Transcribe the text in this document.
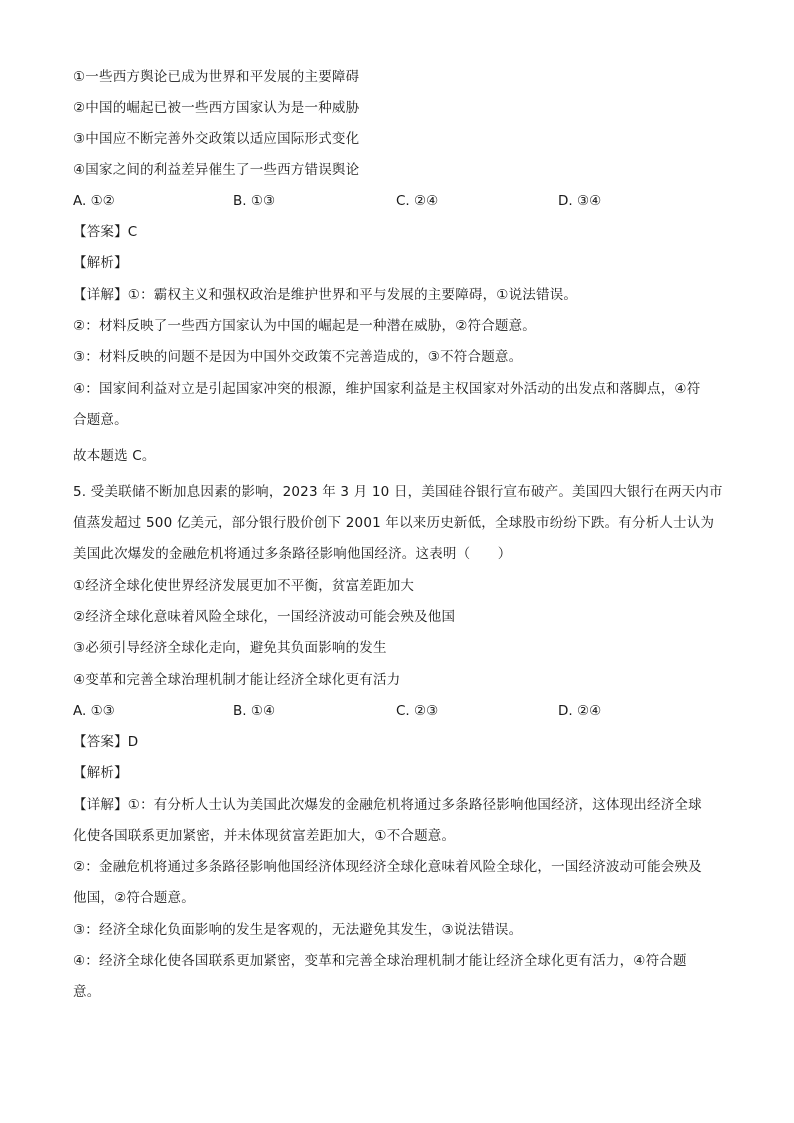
①一些西方舆论已成为世界和平发展的主要障碍
②中国的崛起已被一些西方国家认为是一种威胁
③中国应不断完善外交政策以适应国际形式变化
④国家之间的利益差异催生了一些西方错误舆论
A. ①②	B. ①③	C. ②④	D. ③④
【答案】C
【解析】
【详解】①：霸权主义和强权政治是维护世界和平与发展的主要障碍，①说法错误。
②：材料反映了一些西方国家认为中国的崛起是一种潜在威胁，②符合题意。
③：材料反映的问题不是因为中国外交政策不完善造成的，③不符合题意。
④：国家间利益对立是引起国家冲突的根源，维护国家利益是主权国家对外活动的出发点和落脚点，④符
合题意。
故本题选 C。
5. 受美联储不断加息因素的影响，2023 年 3 月 10 日，美国硅谷银行宣布破产。美国四大银行在两天内市
值蒸发超过 500 亿美元，部分银行股价创下 2001 年以来历史新低，全球股市纷纷下跌。有分析人士认为
美国此次爆发的金融危机将通过多条路径影响他国经济。这表明（　　）
①经济全球化使世界经济发展更加不平衡，贫富差距加大
②经济全球化意味着风险全球化，一国经济波动可能会殃及他国
③必须引导经济全球化走向，避免其负面影响的发生
④变革和完善全球治理机制才能让经济全球化更有活力
A. ①③	B. ①④	C. ②③	D. ②④
【答案】D
【解析】
【详解】①：有分析人士认为美国此次爆发的金融危机将通过多条路径影响他国经济，这体现出经济全球
化使各国联系更加紧密，并未体现贫富差距加大，①不合题意。
②：金融危机将通过多条路径影响他国经济体现经济全球化意味着风险全球化，一国经济波动可能会殃及
他国，②符合题意。
③：经济全球化负面影响的发生是客观的，无法避免其发生，③说法错误。
④：经济全球化使各国联系更加紧密，变革和完善全球治理机制才能让经济全球化更有活力，④符合题
意。
